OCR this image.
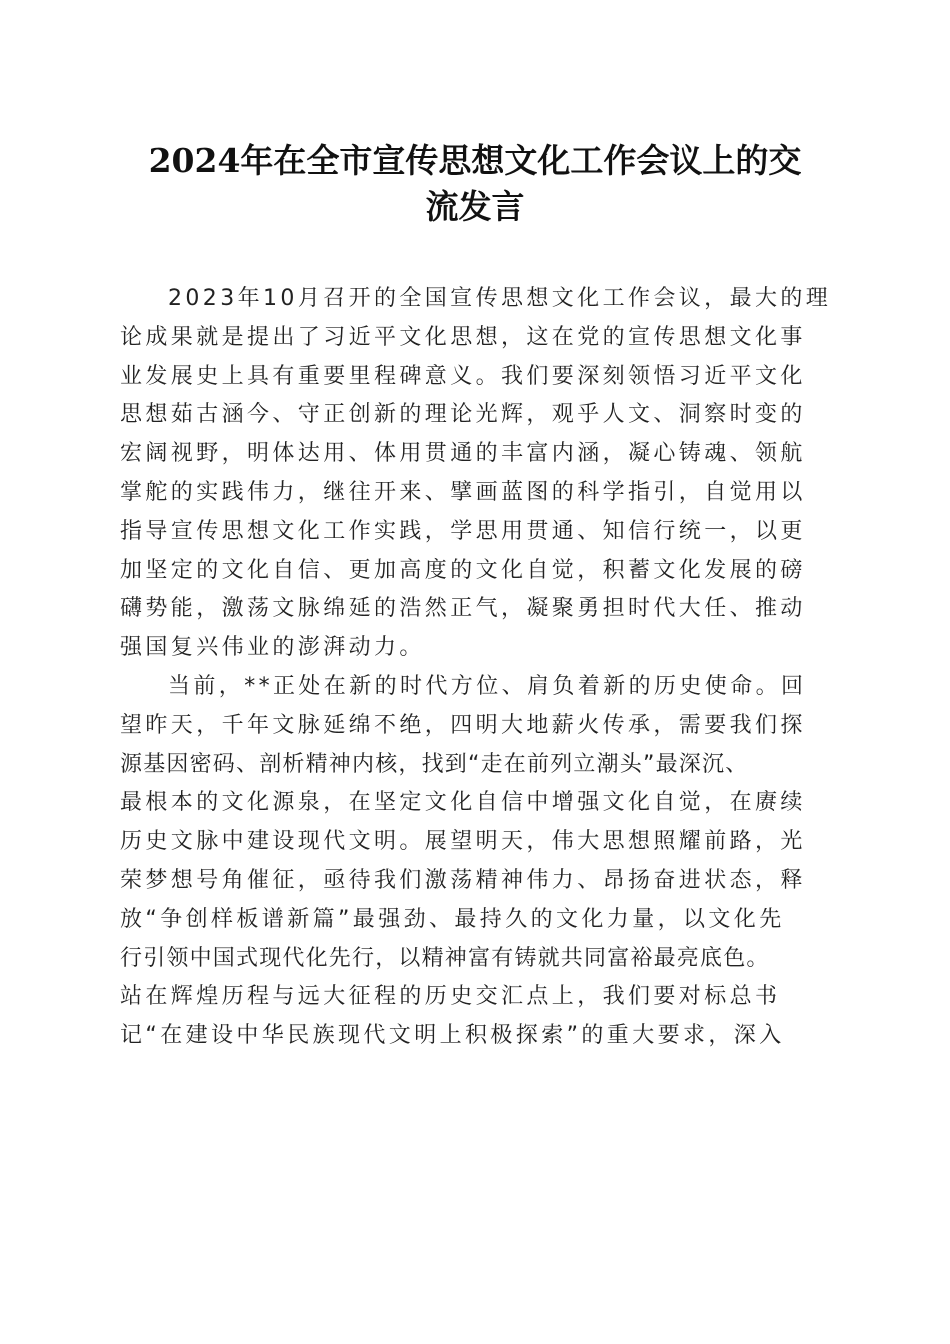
2024年在全市宣传思想文化工作会议上的交
流发言
2023年10月召开的全国宣传思想文化工作会议，最大的理
论成果就是提出了习近平文化思想，这在党的宣传思想文化事
业发展史上具有重要里程碑意义。我们要深刻领悟习近平文化
思想茹古涵今、守正创新的理论光辉，观乎人文、洞察时变的
宏阔视野，明体达用、体用贯通的丰富内涵，凝心铸魂、领航
掌舵的实践伟力，继往开来、擘画蓝图的科学指引，自觉用以
指导宣传思想文化工作实践，学思用贯通、知信行统一，以更
加坚定的文化自信、更加高度的文化自觉，积蓄文化发展的磅
礴势能，激荡文脉绵延的浩然正气，凝聚勇担时代大任、推动
强国复兴伟业的澎湃动力。
当前，**正处在新的时代方位、肩负着新的历史使命。回
望昨天，千年文脉延绵不绝，四明大地薪火传承，需要我们探
源基因密码、剖析精神内核，找到“走在前列立潮头”最深沉、
最根本的文化源泉，在坚定文化自信中增强文化自觉，在赓续
历史文脉中建设现代文明。展望明天，伟大思想照耀前路，光
荣梦想号角催征，亟待我们激荡精神伟力、昂扬奋进状态，释
放“争创样板谱新篇”最强劲、最持久的文化力量，以文化先
行引领中国式现代化先行，以精神富有铸就共同富裕最亮底色。
站在辉煌历程与远大征程的历史交汇点上，我们要对标总书
记“在建设中华民族现代文明上积极探索”的重大要求，深入
